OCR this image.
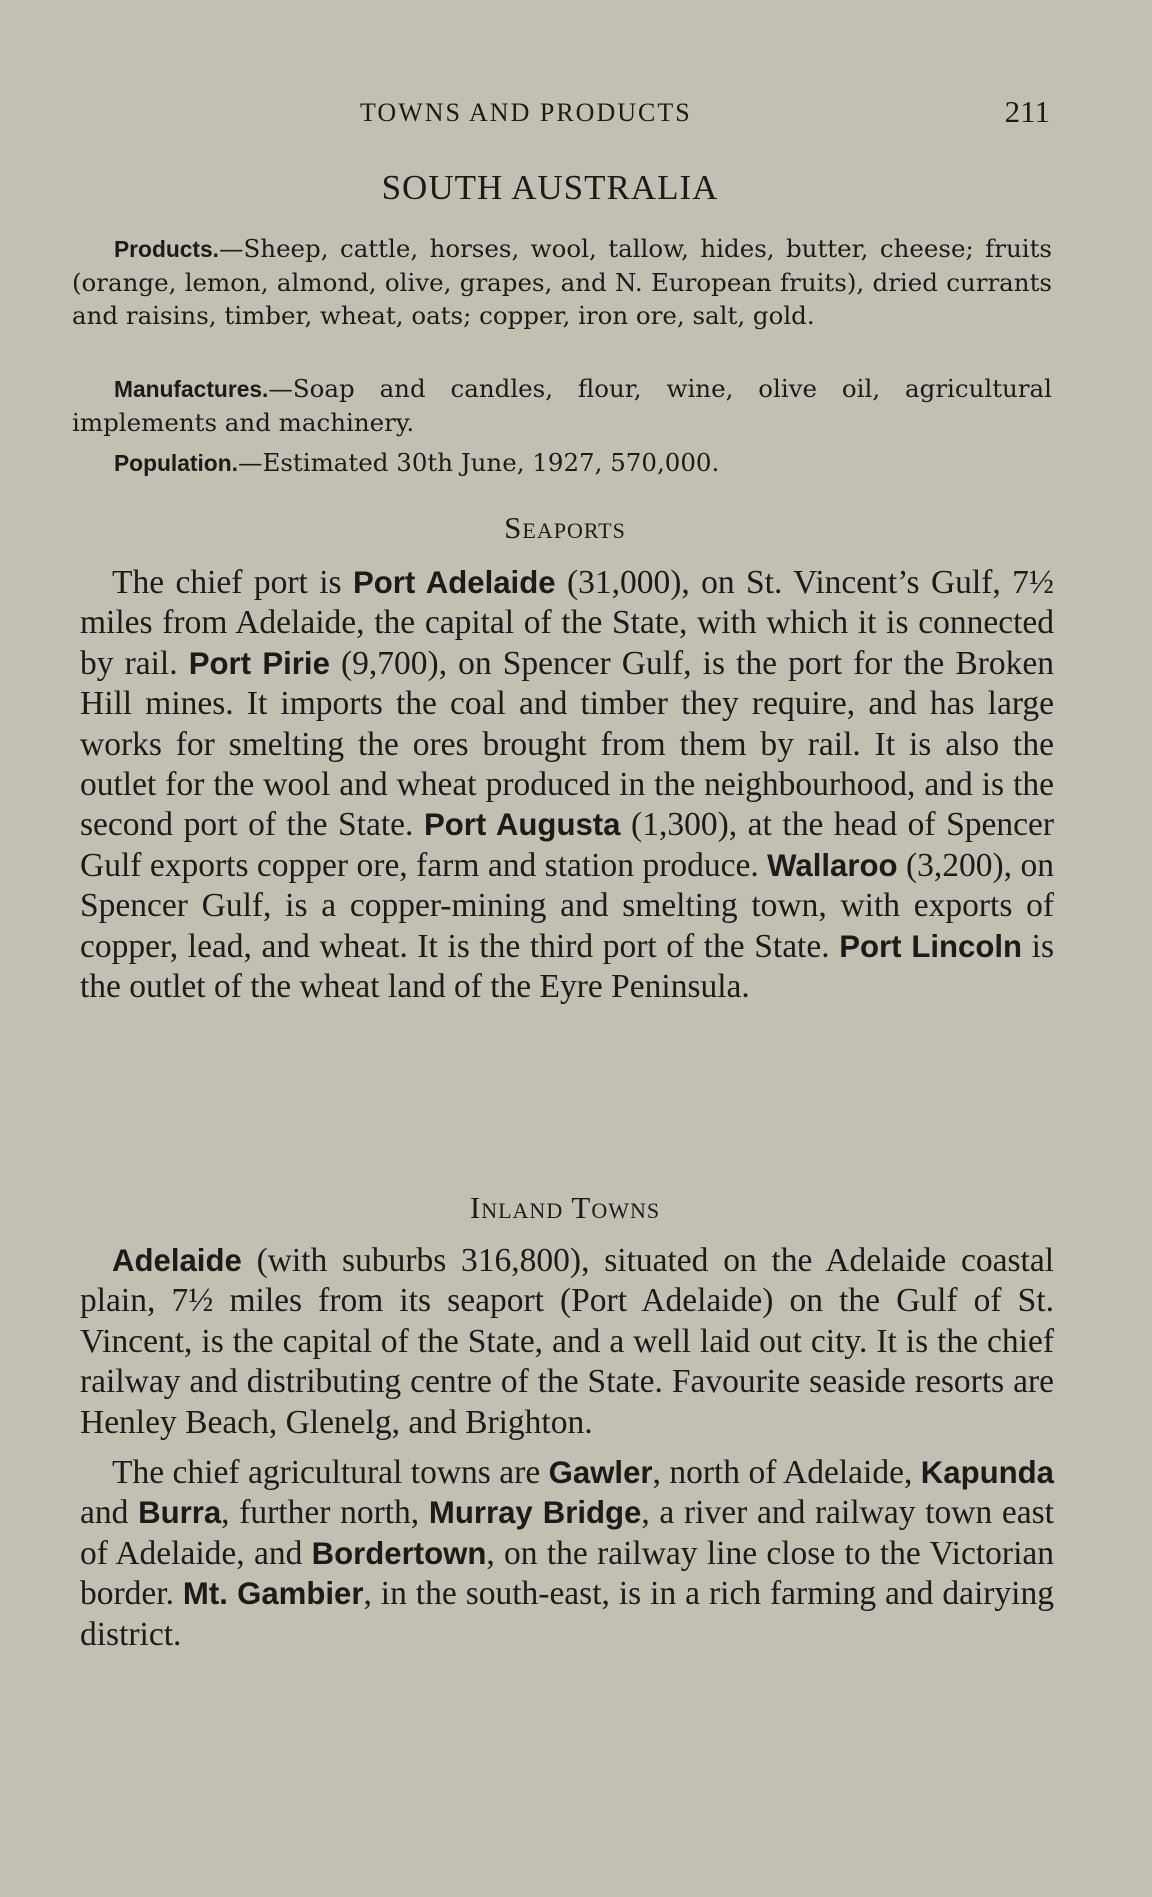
TOWNS AND PRODUCTS	211
SOUTH AUSTRALIA

Products.—Sheep, cattle, horses, wool, tallow, hides, butter, cheese; fruits (orange, lemon, almond, olive, grapes, and N. European fruits), dried currants and raisins, timber, wheat, oats; copper, iron ore, salt, gold.

Manufactures.—Soap and candles, flour, wine, olive oil, agricultural implements and machinery.

Population.—Estimated 30th June, 1927, 570,000.

Seaports

The chief port is Port Adelaide (31,000), on St. Vincent’s Gulf, 7½ miles from Adelaide, the capital of the State, with which it is connected by rail. Port Pirie (9,700), on Spencer Gulf, is the port for the Broken Hill mines. It imports the coal and timber they require, and has large works for smelting the ores brought from them by rail. It is also the outlet for the wool and wheat produced in the neighbourhood, and is the second port of the State. Port Augusta (1,300), at the head of Spencer Gulf exports copper ore, farm and station produce. Wallaroo (3,200), on Spencer Gulf, is a copper-mining and smelting town, with exports of copper, lead, and wheat. It is the third port of the State. Port Lincoln is the outlet of the wheat land of the Eyre Peninsula.

Inland Towns

Adelaide (with suburbs 316,800), situated on the Adelaide coastal plain, 7½ miles from its seaport (Port Adelaide) on the Gulf of St. Vincent, is the capital of the State, and a well laid out city. It is the chief railway and distributing centre of the State. Favourite seaside resorts are Henley Beach, Glenelg, and Brighton.

The chief agricultural towns are Gawler, north of Adelaide, Kapunda and Burra, further north, Murray Bridge, a river and railway town east of Adelaide, and Bordertown, on the railway line close to the Victorian border. Mt. Gambier, in the south-east, is in a rich farming and dairying district.
